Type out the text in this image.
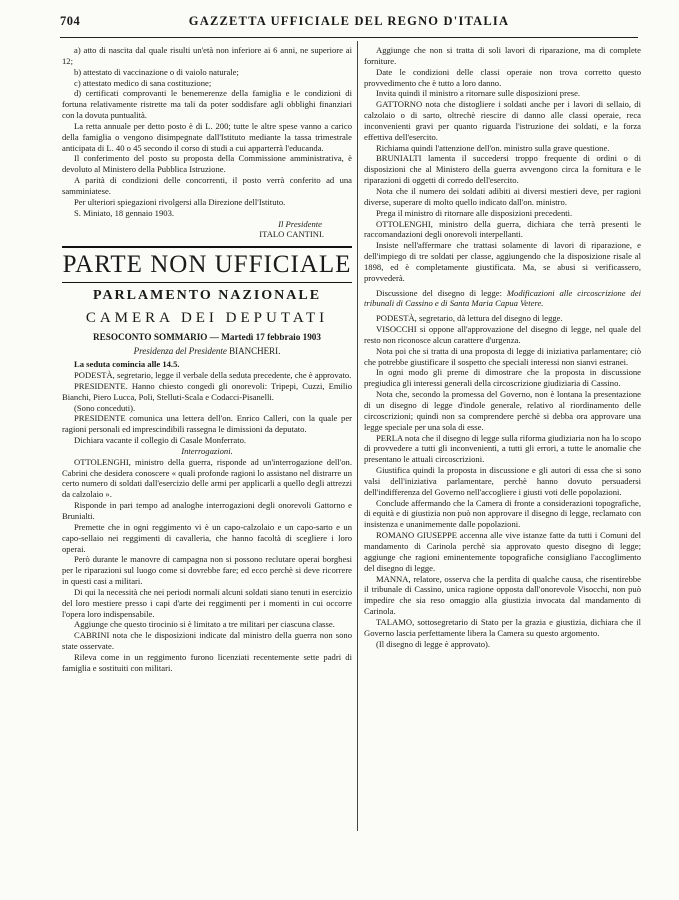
704	GAZZETTA UFFICIALE DEL REGNO D'ITALIA

a) atto di nascita dal quale risulti un'età non inferiore ai 6 anni, ne superiore ai 12;

b) attestato di vaccinazione o di vaiolo naturale;

c) attestato medico di sana costituzione;

d) certificati comprovanti le benemerenze della famiglia e le condizioni di fortuna relativamente ristrette ma tali da poter soddisfare agli obblighi finanziari con la dovuta puntualità.

La retta annuale per detto posto è di L. 200; tutte le altre spese vanno a carico della famiglia o vengono disimpegnate dall'Istituto mediante la tassa trimestrale anticipata di L. 40 o 45 secondo il corso di studi a cui apparterrà l'educanda.

Il conferimento del posto su proposta della Commissione amministrativa, è devoluto al Ministero della Pubblica Istruzione.

A parità di condizioni delle concorrenti, il posto verrà conferito ad una samminiatese.

Per ulteriori spiegazioni rivolgersi alla Direzione dell'Istituto.

S. Miniato, 18 gennaio 1903.

Il Presidente

ITALO CANTINI.

PARTE NON UFFICIALE
PARLAMENTO NAZIONALE
CAMERA DEI DEPUTATI
RESOCONTO SOMMARIO — Martedì 17 febbraio 1903
Presidenza del Presidente BIANCHERI.

La seduta comincia alle 14.5.

PODESTÀ, segretario, legge il verbale della seduta precedente, che è approvato.

PRESIDENTE. Hanno chiesto congedi gli onorevoli: Tripepi, Cuzzi, Emilio Bianchi, Piero Lucca, Poli, Stelluti-Scala e Codacci-Pisanelli.

(Sono conceduti).

PRESIDENTE comunica una lettera dell'on. Enrico Calleri, con la quale per ragioni personali ed imprescindibili rassegna le dimissioni da deputato.

Dichiara vacante il collegio di Casale Monferrato.

Interrogazioni.

OTTOLENGHI, ministro della guerra, risponde ad un'interrogazione dell'on. Cabrini che desidera conoscere « quali profonde ragioni lo assistano nel distrarre un certo numero di soldati dall'esercizio delle armi per applicarli a quello degli attrezzi da calzolaio ».

Risponde in pari tempo ad analoghe interrogazioni degli onorevoli Gattorno e Brunialti.

Premette che in ogni reggimento vi è un capo-calzolaio e un capo-sarto e un capo-sellaio nei reggimenti di cavalleria, che hanno facoltà di scegliere i loro operai.

Però durante le manovre di campagna non si possono reclutare operai borghesi per le riparazioni sul luogo come si dovrebbe fare; ed ecco perchè si deve ricorrere in questi casi a militari.

Di qui la necessità che nei periodi normali alcuni soldati siano tenuti in esercizio del loro mestiere presso i capi d'arte dei reggimenti per i momenti in cui occorre l'opera loro indispensabile.

Aggiunge che questo tirocinio si è limitato a tre militari per ciascuna classe.

CABRINI nota che le disposizioni indicate dal ministro della guerra non sono state osservate.

Rileva come in un reggimento furono licenziati recentemente sette padri di famiglia e sostituiti con militari.

Aggiunge che non si tratta di soli lavori di riparazione, ma di complete forniture.

Date le condizioni delle classi operaie non trova corretto questo provvedimento che è tutto a loro danno.

Invita quindi il ministro a ritornare sulle disposizioni prese.

GATTORNO nota che distogliere i soldati anche per i lavori di sellaio, di calzolaio o di sarto, oltrechè riescire di danno alle classi operaie, reca inconvenienti gravi per quanto riguarda l'istruzione dei soldati, e la forza effettiva dell'esercito.

Richiama quindi l'attenzione dell'on. ministro sulla grave questione.

BRUNIALTI lamenta il succedersi troppo frequente di ordini o di disposizioni che al Ministero della guerra avvengono circa la fornitura e le riparazioni di oggetti di corredo dell'esercito.

Nota che il numero dei soldati adibiti ai diversi mestieri deve, per ragioni diverse, superare di molto quello indicato dall'on. ministro.

Prega il ministro di ritornare alle disposizioni precedenti.

OTTOLENGHI, ministro della guerra, dichiara che terrà presenti le raccomandazioni degli onorevoli interpellanti.

Insiste nell'affermare che trattasi solamente di lavori di riparazione, e dell'impiego di tre soldati per classe, aggiungendo che la disposizione risale al 1898, ed è completamente giustificata. Ma, se abusi si verificassero, provvederà.

Discussione del disegno di legge: Modificazioni alle circoscrizione dei tribunali di Cassino e di Santa Maria Capua Vetere.

PODESTÀ, segretario, dà lettura del disegno di legge.

VISOCCHI si oppone all'approvazione del disegno di legge, nel quale del resto non riconosce alcun carattere d'urgenza.

Nota poi che si tratta di una proposta di legge di iniziativa parlamentare; ciò che potrebbe giustificare il sospetto che speciali interessi non sianvi estranei.

In ogni modo gli preme di dimostrare che la proposta in discussione pregiudica gli interessi generali della circoscrizione giudiziaria di Cassino.

Nota che, secondo la promessa del Governo, non è lontana la presentazione di un disegno di legge d'indole generale, relativo al riordinamento delle circoscrizioni; quindi non sa comprendere perchè si debba ora approvare una legge speciale per una sola di esse.

PERLA nota che il disegno di legge sulla riforma giudiziaria non ha lo scopo di provvedere a tutti gli inconvenienti, a tutti gli errori, a tutte le anomalie che presentano le attuali circoscrizioni.

Giustifica quindi la proposta in discussione e gli autori di essa che si sono valsi dell'iniziativa parlamentare, perchè hanno dovuto persuadersi dell'indifferenza del Governo nell'accogliere i giusti voti delle popolazioni.

Conclude affermando che la Camera di fronte a considerazioni topografiche, di equità e di giustizia non può non approvare il disegno di legge, reclamato con insistenza e unanimemente dalle popolazioni.

ROMANO GIUSEPPE accenna alle vive istanze fatte da tutti i Comuni del mandamento di Carinola perchè sia approvato questo disegno di legge; aggiunge che ragioni eminentemente topografiche consigliano l'accoglimento del disegno di legge.

MANNA, relatore, osserva che la perdita di qualche causa, che risentirebbe il tribunale di Cassino, unica ragione opposta dall'onorevole Visocchi, non può impedire che sia reso omaggio alla giustizia invocata dal mandamento di Carinola.

TALAMO, sottosegretario di Stato per la grazia e giustizia, dichiara che il Governo lascia perfettamente libera la Camera su questo argomento.

(Il disegno di legge è approvato).
